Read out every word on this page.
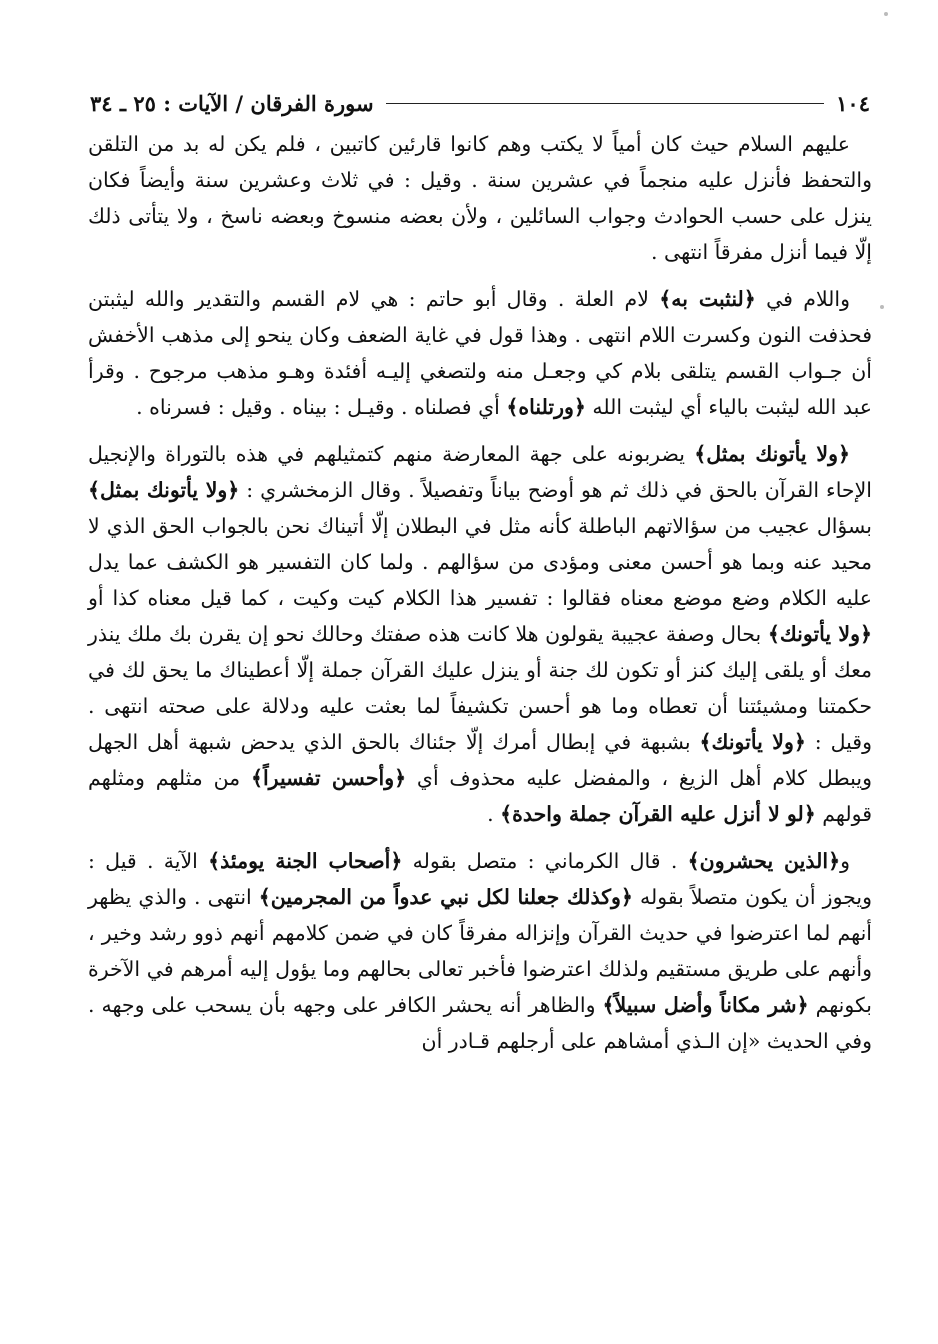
١٠٤
سورة الفرقان / الآيات : ٢٥ ـ ٣٤

عليهم السلام حيث كان أمياً لا يكتب وهم كانوا قارئين كاتبين ، فلم يكن له بد من التلقن والتحفظ فأنزل عليه منجماً في عشرين سنة . وقيل : في ثلاث وعشرين سنة وأيضاً فكان ينزل على حسب الحوادث وجواب السائلين ، ولأن بعضه منسوخ وبعضه ناسخ ، ولا يتأتى ذلك إلّا فيما أنزل مفرقاً انتهى .

واللام في ﴿لنثبت به﴾ لام العلة . وقال أبو حاتم : هي لام القسم والتقدير والله ليثبتن فحذفت النون وكسرت اللام انتهى . وهذا قول في غاية الضعف وكان ينحو إلى مذهب الأخفش أن جـواب القسم يتلقى بلام كي وجعـل منه ولتصغي إليـه أفئدة وهـو مذهب مرجوح . وقرأ عبد الله ليثبت بالياء أي ليثبت الله ﴿ورتلناه﴾ أي فصلناه . وقيـل : بيناه . وقيل : فسرناه .

﴿ولا يأتونك بمثل﴾ يضربونه على جهة المعارضة منهم كتمثيلهم في هذه بالتوراة والإنجيل الإحاء القرآن بالحق في ذلك ثم هو أوضح بياناً وتفصيلاً . وقال الزمخشري : ﴿ولا يأتونك بمثل﴾ بسؤال عجيب من سؤالاتهم الباطلة كأنه مثل في البطلان إلّا أتيناك نحن بالجواب الحق الذي لا محيد عنه وبما هو أحسن معنى ومؤدى من سؤالهم . ولما كان التفسير هو الكشف عما يدل عليه الكلام وضع موضع معناه فقالوا : تفسير هذا الكلام كيت وكيت ، كما قيل معناه كذا أو ﴿ولا يأتونك﴾ بحال وصفة عجيبة يقولون هلا كانت هذه صفتك وحالك نحو إن يقرن بك ملك ينذر معك أو يلقى إليك كنز أو تكون لك جنة أو ينزل عليك القرآن جملة إلّا أعطيناك ما يحق لك في حكمتنا ومشيئتنا أن تعطاه وما هو أحسن تكشيفاً لما بعثت عليه ودلالة على صحته انتهى . وقيل : ﴿ولا يأتونك﴾ بشبهة في إبطال أمرك إلّا جئناك بالحق الذي يدحض شبهة أهل الجهل ويبطل كلام أهل الزيغ ، والمفضل عليه محذوف أي ﴿وأحسن تفسيراً﴾ من مثلهم ومثلهم قولهم ﴿لو لا أنزل عليه القرآن جملة واحدة﴾ .

و﴿الذين يحشرون﴾ . قال الكرماني : متصل بقوله ﴿أصحاب الجنة يومئذ﴾ الآية . قيل : ويجوز أن يكون متصلاً بقوله ﴿وكذلك جعلنا لكل نبي عدواً من المجرمين﴾ انتهى . والذي يظهر أنهم لما اعترضوا في حديث القرآن وإنزاله مفرقاً كان في ضمن كلامهم أنهم ذوو رشد وخير ، وأنهم على طريق مستقيم ولذلك اعترضوا فأخبر تعالى بحالهم وما يؤول إليه أمرهم في الآخرة بكونهم ﴿شر مكاناً وأضل سبيلاً﴾ والظاهر أنه يحشر الكافر على وجهه بأن يسحب على وجهه . وفي الحديث «إن الـذي أمشاهم على أرجلهم قـادر أن
